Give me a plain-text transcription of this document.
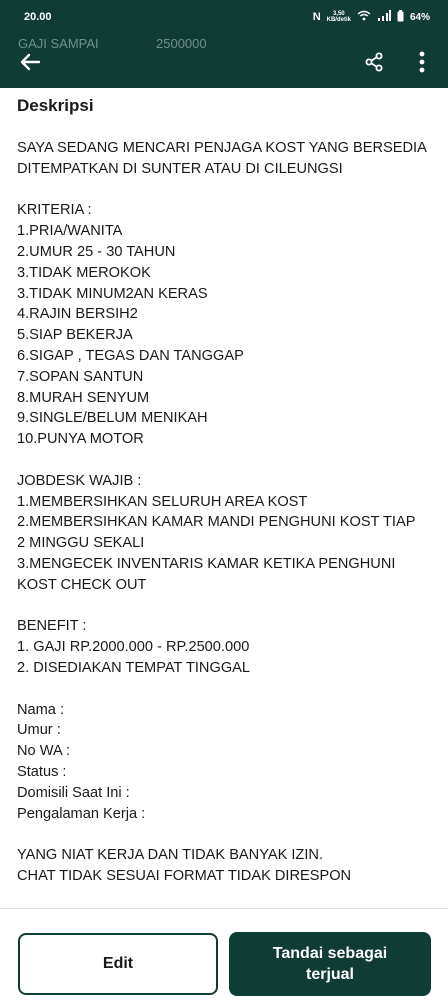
20.00	N	3,50
KB/detik	64%
GAJI SAMPAI	2500000
Deskripsi
SAYA SEDANG MENCARI PENJAGA KOST YANG BERSEDIA
DITEMPATKAN DI SUNTER ATAU DI CILEUNGSI
KRITERIA :
1.PRIA/WANITA
2.UMUR 25 - 30 TAHUN
3.TIDAK MEROKOK
3.TIDAK MINUM2AN KERAS
4.RAJIN BERSIH2
5.SIAP BEKERJA
6.SIGAP , TEGAS DAN TANGGAP
7.SOPAN SANTUN
8.MURAH SENYUM
9.SINGLE/BELUM MENIKAH
10.PUNYA MOTOR
JOBDESK WAJIB :
1.MEMBERSIHKAN SELURUH AREA KOST
2.MEMBERSIHKAN KAMAR MANDI PENGHUNI KOST TIAP
2 MINGGU SEKALI
3.MENGECEK INVENTARIS KAMAR KETIKA PENGHUNI
KOST CHECK OUT
BENEFIT :
1. GAJI RP.2000.000 - RP.2500.000
2. DISEDIAKAN TEMPAT TINGGAL
Nama :
Umur :
No WA :
Status :
Domisili Saat Ini :
Pengalaman Kerja :
YANG NIAT KERJA DAN TIDAK BANYAK IZIN.
CHAT TIDAK SESUAI FORMAT TIDAK DIRESPON
Edit
Tandai sebagai terjual
